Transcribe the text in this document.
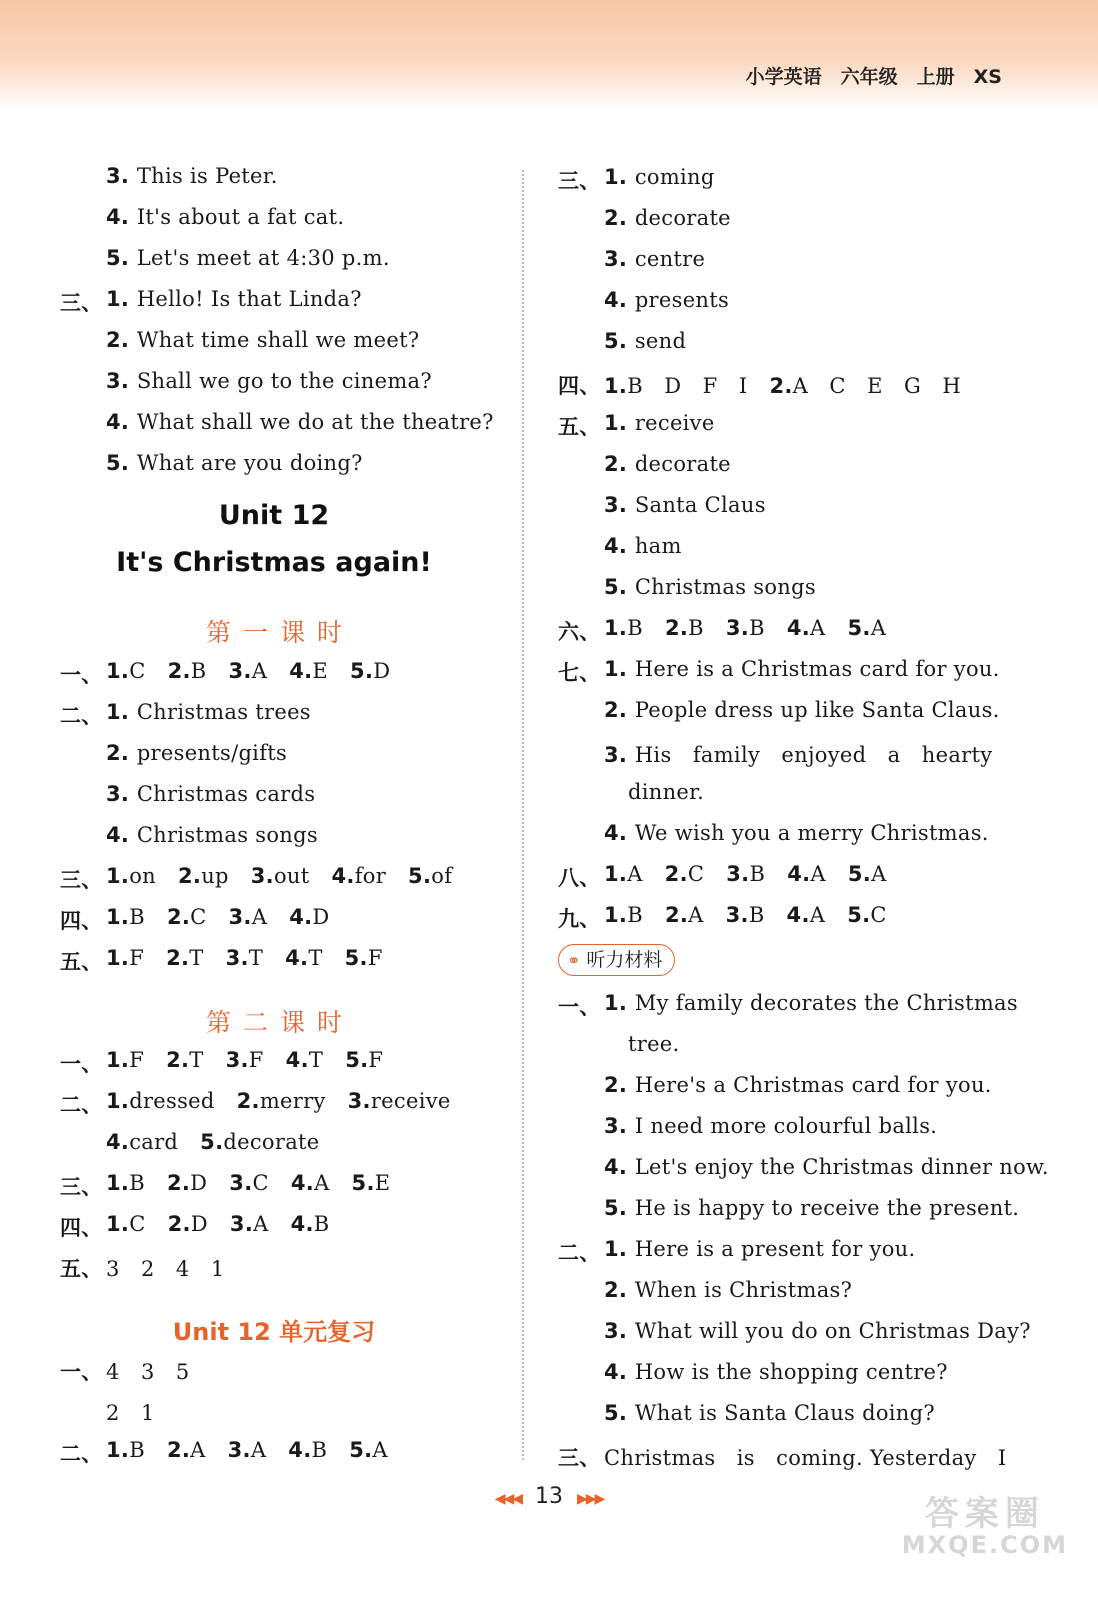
小学英语　六年级　上册　XS
3. This is Peter.
4. It's about a fat cat.
5. Let's meet at 4:30 p.m.
三、 1. Hello! Is that Linda?
2. What time shall we meet?
3. Shall we go to the cinema?
4. What shall we do at the theatre?
5. What are you doing?
一、 1.C 2.B 3.A 4.E 5.D
二、 1. Christmas trees
2. presents/gifts
3. Christmas cards
4. Christmas songs
三、 1.on 2.up 3.out 4.for 5.of
四、 1.B 2.C 3.A 4.D
五、 1.F 2.T 3.T 4.T 5.F
一、 1.F 2.T 3.F 4.T 5.F
二、 1.dressed 2.merry 3.receive
4.card 5.decorate
三、 1.B 2.D 3.C 4.A 5.E
四、 1.C 2.D 3.A 4.B
五、 3　2　4　1
一、 4　3　5
2　1
二、 1.B 2.A 3.A 4.B 5.A
三、 1. coming
2. decorate
3. centre
4. presents
5. send
四、 1.B　D　F　I 2.A　C　E　G　H
五、 1. receive
2. decorate
3. Santa Claus
4. ham
5. Christmas songs
六、 1.B 2.B 3.B 4.A 5.A
七、 1. Here is a Christmas card for you.
2. People dress up like Santa Claus.
3. His　family　enjoyed　a　hearty
dinner.
4. We wish you a merry Christmas.
八、 1.A 2.C 3.B 4.A 5.A
九、 1.B 2.A 3.B 4.A 5.C
一、 1. My family decorates the Christmas
tree.
2. Here's a Christmas card for you.
3. I need more colourful balls.
4. Let's enjoy the Christmas dinner now.
5. He is happy to receive the present.
二、 1. Here is a present for you.
2. When is Christmas?
3. What will you do on Christmas Day?
4. How is the shopping centre?
5. What is Santa Claus doing?
三、 Christmas　is　coming. Yesterday　I
Unit 12
It's Christmas again!
第一课时
第二课时
Unit 12 单元复习
⚭ 听力材料
◀◀◀ 13 ▶▶▶	答案圈
MXQE.COM
